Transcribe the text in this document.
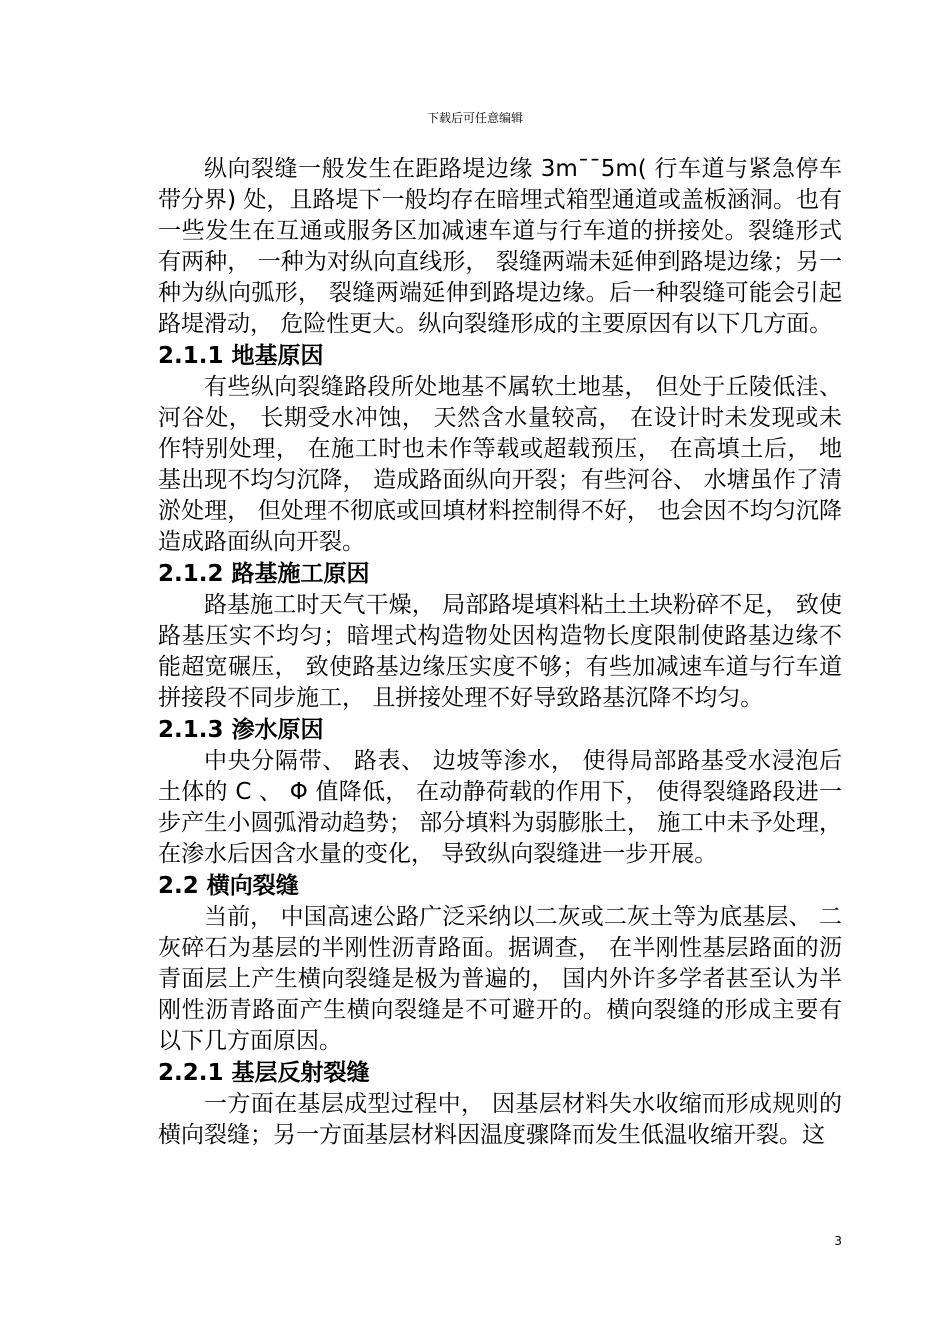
下载后可任意编辑

纵向裂缝一般发生在距路堤边缘 3m¯¯5m( 行车道与紧急停车带分界) 处，且路堤下一般均存在暗埋式箱型通道或盖板涵洞。也有一些发生在互通或服务区加减速车道与行车道的拼接处。裂缝形式有两种， 一种为对纵向直线形， 裂缝两端未延伸到路堤边缘；另一种为纵向弧形， 裂缝两端延伸到路堤边缘。后一种裂缝可能会引起路堤滑动， 危险性更大。纵向裂缝形成的主要原因有以下几方面。

2.1.1 地基原因

有些纵向裂缝路段所处地基不属软土地基， 但处于丘陵低洼、河谷处， 长期受水冲蚀， 天然含水量较高， 在设计时未发现或未作特别处理， 在施工时也未作等载或超载预压， 在高填土后， 地基出现不均匀沉降， 造成路面纵向开裂；有些河谷、 水塘虽作了清淤处理， 但处理不彻底或回填材料控制得不好， 也会因不均匀沉降造成路面纵向开裂。

2.1.2 路基施工原因

路基施工时天气干燥， 局部路堤填料粘土土块粉碎不足， 致使路基压实不均匀；暗埋式构造物处因构造物长度限制使路基边缘不能超宽碾压， 致使路基边缘压实度不够；有些加减速车道与行车道拼接段不同步施工， 且拼接处理不好导致路基沉降不均匀。

2.1.3 渗水原因

中央分隔带、 路表、 边坡等渗水， 使得局部路基受水浸泡后土体的 C 、 Φ 值降低， 在动静荷载的作用下， 使得裂缝路段进一步产生小圆弧滑动趋势； 部分填料为弱膨胀土， 施工中未予处理，在渗水后因含水量的变化， 导致纵向裂缝进一步开展。

2.2 横向裂缝

当前， 中国高速公路广泛采纳以二灰或二灰土等为底基层、 二灰碎石为基层的半刚性沥青路面。据调查， 在半刚性基层路面的沥青面层上产生横向裂缝是极为普遍的， 国内外许多学者甚至认为半刚性沥青路面产生横向裂缝是不可避开的。横向裂缝的形成主要有以下几方面原因。

2.2.1 基层反射裂缝

一方面在基层成型过程中， 因基层材料失水收缩而形成规则的横向裂缝；另一方面基层材料因温度骤降而发生低温收缩开裂。这

3
